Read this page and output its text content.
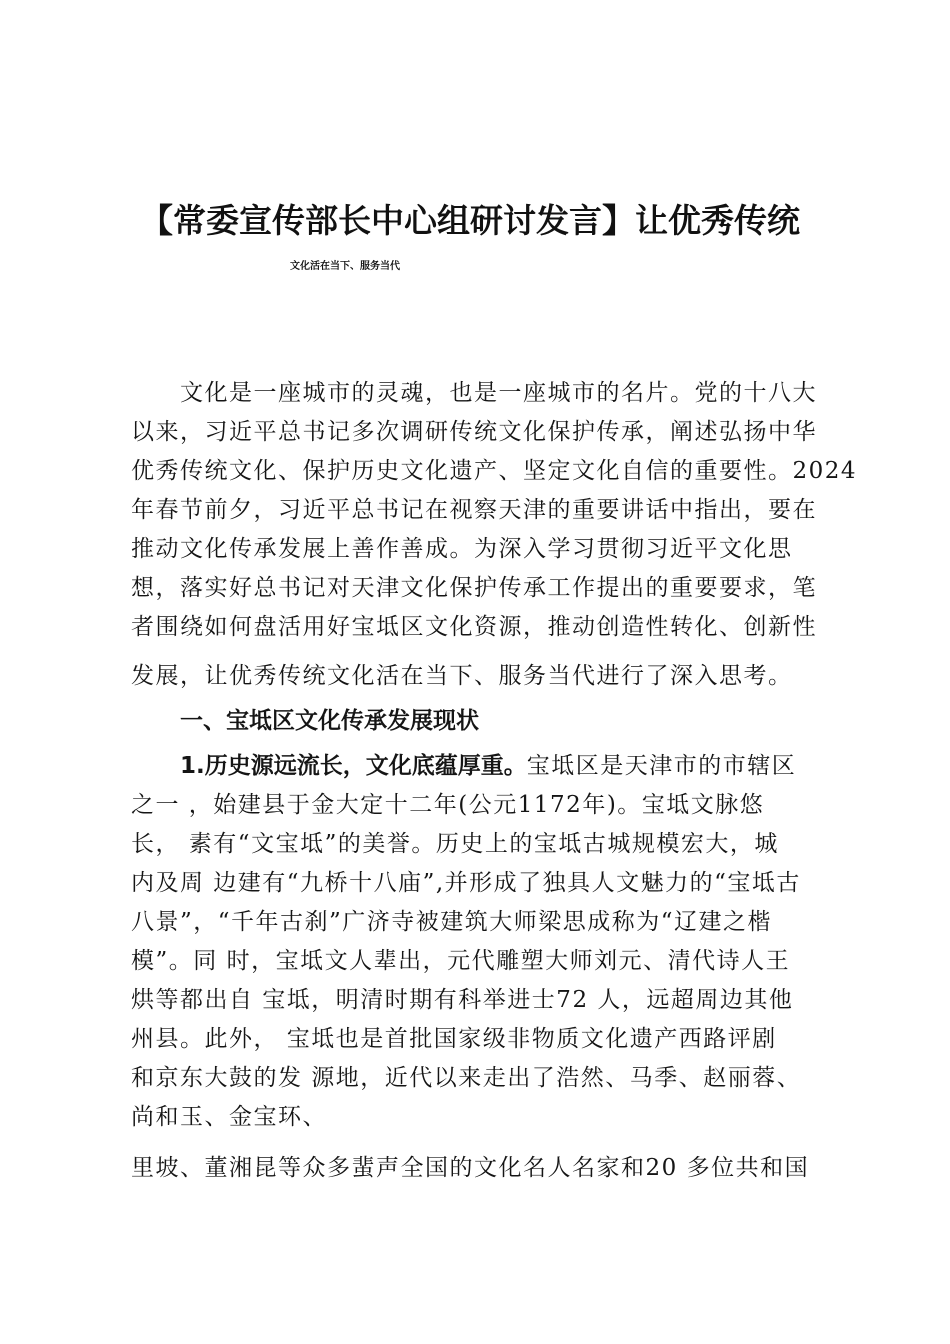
【常委宣传部长中心组研讨发言】让优秀传统
文化活在当下、服务当代
文化是一座城市的灵魂，也是一座城市的名片。党的十八大
以来，习近平总书记多次调研传统文化保护传承，阐述弘扬中华
优秀传统文化、保护历史文化遗产、坚定文化自信的重要性。2024
年春节前夕，习近平总书记在视察天津的重要讲话中指出，要在
推动文化传承发展上善作善成。为深入学习贯彻习近平文化思
想，落实好总书记对天津文化保护传承工作提出的重要要求，笔
者围绕如何盘活用好宝坻区文化资源，推动创造性转化、创新性
发展，让优秀传统文化活在当下、服务当代进行了深入思考。
一、宝坻区文化传承发展现状
1.历史源远流长，文化底蕴厚重。宝坻区是天津市的市辖区
之一 ，始建县于金大定十二年(公元1172年)。宝坻文脉悠
长， 素有“文宝坻”的美誉。历史上的宝坻古城规模宏大，城
内及周 边建有“九桥十八庙”,并形成了独具人文魅力的“宝坻古
八景”，“千年古刹”广济寺被建筑大师梁思成称为“辽建之楷
模”。同 时，宝坻文人辈出，元代雕塑大师刘元、清代诗人王
烘等都出自 宝坻，明清时期有科举进士72 人，远超周边其他
州县。此外， 宝坻也是首批国家级非物质文化遗产西路评剧
和京东大鼓的发 源地，近代以来走出了浩然、马季、赵丽蓉、
尚和玉、金宝环、
里坡、董湘昆等众多蜚声全国的文化名人名家和20 多位共和国
